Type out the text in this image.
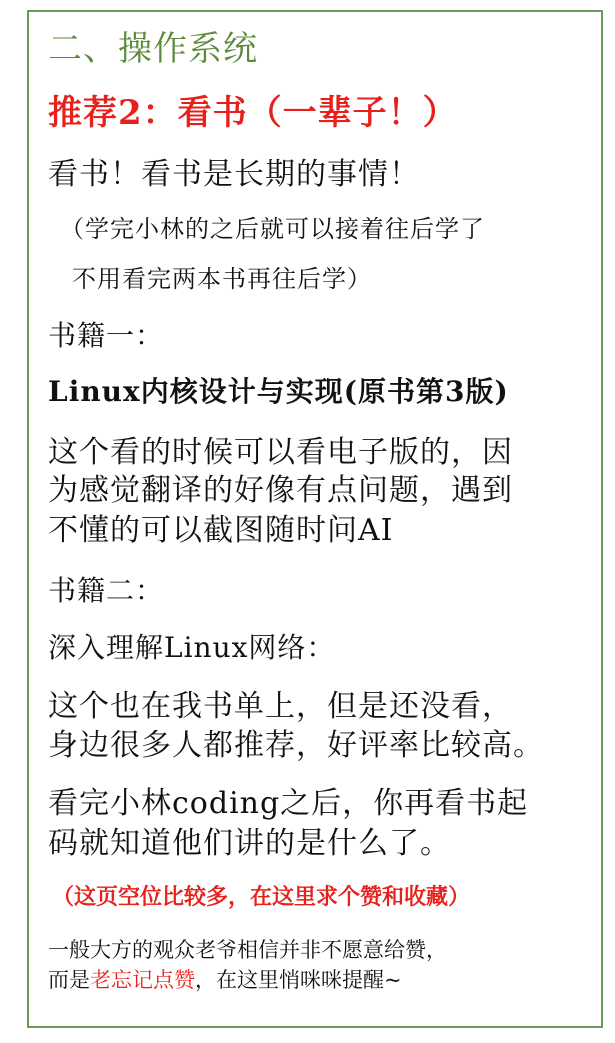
二、操作系统
推荐2：看书（一辈子！）
看书！看书是长期的事情！
（学完小林的之后就可以接着往后学了
不用看完两本书再往后学）
书籍一：
Linux内核设计与实现(原书第3版)
这个看的时候可以看电子版的，因
为感觉翻译的好像有点问题，遇到
不懂的可以截图随时问AI
书籍二：
深入理解Linux网络：
这个也在我书单上，但是还没看，
身边很多人都推荐，好评率比较高。
看完小林coding之后，你再看书起
码就知道他们讲的是什么了。
（这页空位比较多，在这里求个赞和收藏）
一般大方的观众老爷相信并非不愿意给赞，
而是老忘记点赞，在这里悄咪咪提醒~
